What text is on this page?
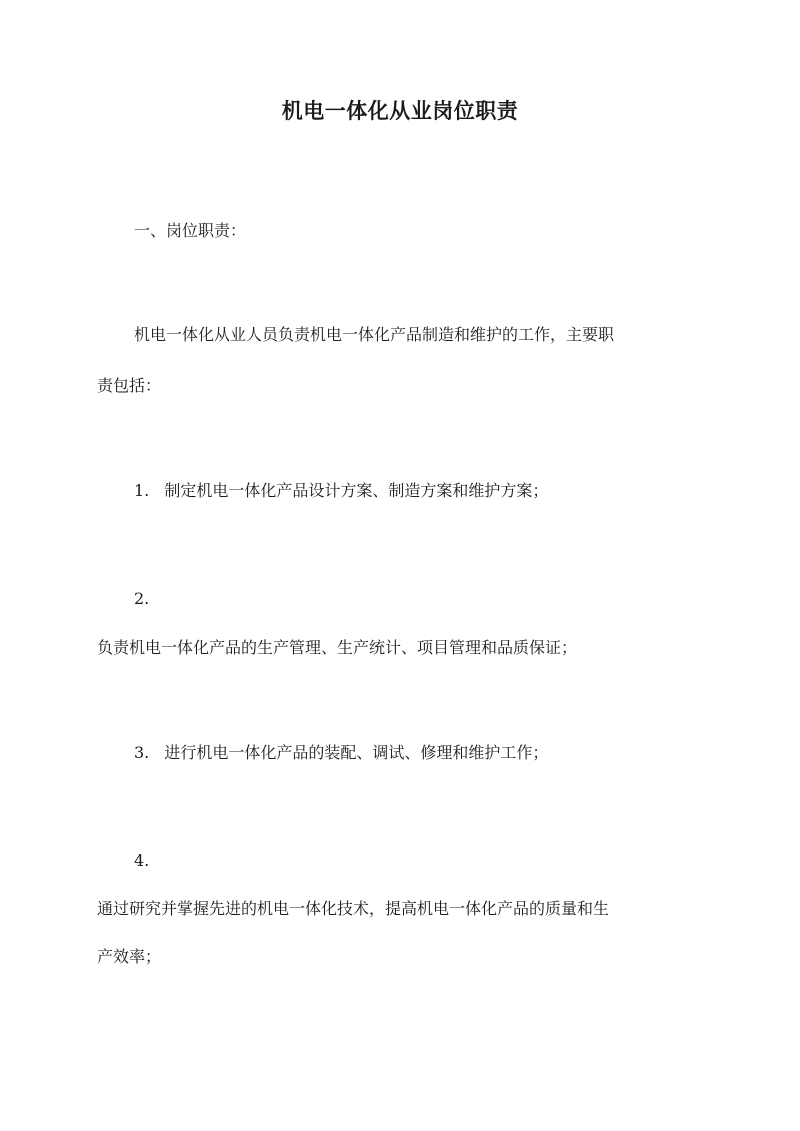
机电一体化从业岗位职责
一、岗位职责：
机电一体化从业人员负责机电一体化产品制造和维护的工作，主要职
责包括：
1. 制定机电一体化产品设计方案、制造方案和维护方案；
2.
负责机电一体化产品的生产管理、生产统计、项目管理和品质保证；
3. 进行机电一体化产品的装配、调试、修理和维护工作；
4.
通过研究并掌握先进的机电一体化技术，提高机电一体化产品的质量和生
产效率；
